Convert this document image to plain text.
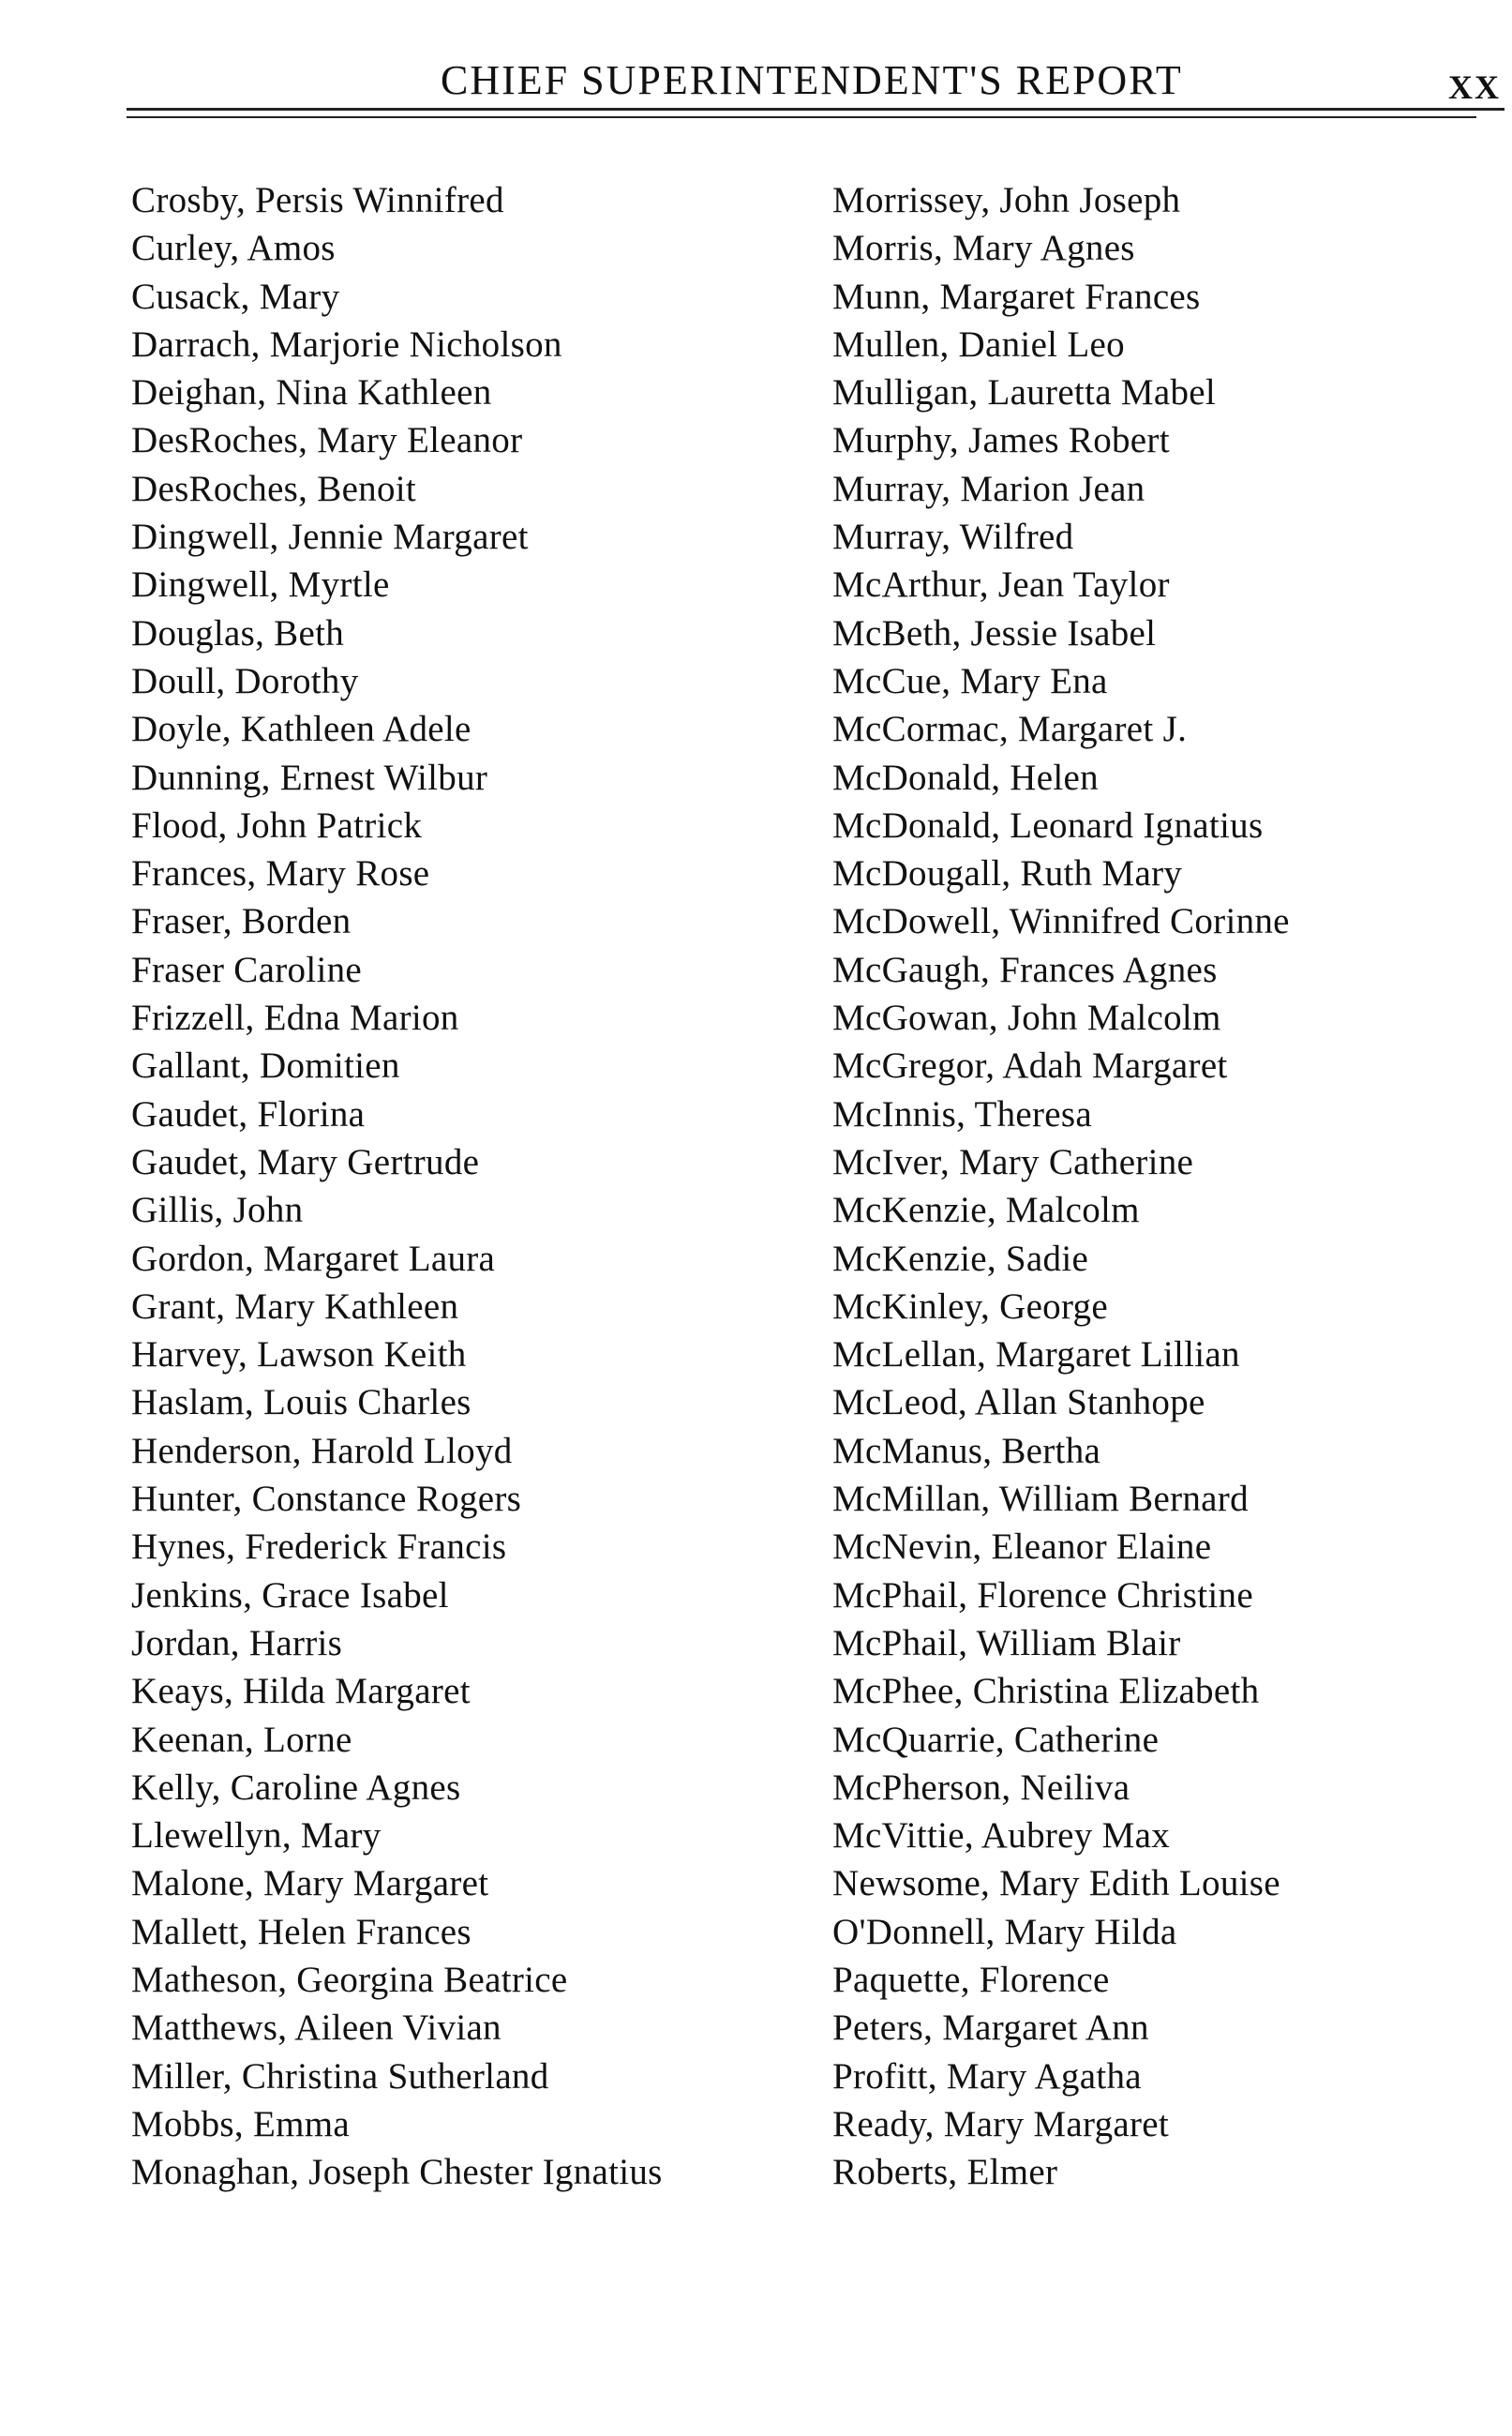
CHIEF SUPERINTENDENT'S REPORT	XX
Crosby, Persis Winnifred
Curley, Amos
Cusack, Mary
Darrach, Marjorie Nicholson
Deighan, Nina Kathleen
DesRoches, Mary Eleanor
DesRoches, Benoit
Dingwell, Jennie Margaret
Dingwell, Myrtle
Douglas, Beth
Doull, Dorothy
Doyle, Kathleen Adele
Dunning, Ernest Wilbur
Flood, John Patrick
Frances, Mary Rose
Fraser, Borden
Fraser Caroline
Frizzell, Edna Marion
Gallant, Domitien
Gaudet, Florina
Gaudet, Mary Gertrude
Gillis, John
Gordon, Margaret Laura
Grant, Mary Kathleen
Harvey, Lawson Keith
Haslam, Louis Charles
Henderson, Harold Lloyd
Hunter, Constance Rogers
Hynes, Frederick Francis
Jenkins, Grace Isabel
Jordan, Harris
Keays, Hilda Margaret
Keenan, Lorne
Kelly, Caroline Agnes
Llewellyn, Mary
Malone, Mary Margaret
Mallett, Helen Frances
Matheson, Georgina Beatrice
Matthews, Aileen Vivian
Miller, Christina Sutherland
Mobbs, Emma
Monaghan, Joseph Chester Ignatius
Morrissey, John Joseph
Morris, Mary Agnes
Munn, Margaret Frances
Mullen, Daniel Leo
Mulligan, Lauretta Mabel
Murphy, James Robert
Murray, Marion Jean
Murray, Wilfred
McArthur, Jean Taylor
McBeth, Jessie Isabel
McCue, Mary Ena
McCormac, Margaret J.
McDonald, Helen
McDonald, Leonard Ignatius
McDougall, Ruth Mary
McDowell, Winnifred Corinne
McGaugh, Frances Agnes
McGowan, John Malcolm
McGregor, Adah Margaret
McInnis, Theresa
McIver, Mary Catherine
McKenzie, Malcolm
McKenzie, Sadie
McKinley, George
McLellan, Margaret Lillian
McLeod, Allan Stanhope
McManus, Bertha
McMillan, William Bernard
McNevin, Eleanor Elaine
McPhail, Florence Christine
McPhail, William Blair
McPhee, Christina Elizabeth
McQuarrie, Catherine
McPherson, Neiliva
McVittie, Aubrey Max
Newsome, Mary Edith Louise
O'Donnell, Mary Hilda
Paquette, Florence
Peters, Margaret Ann
Profitt, Mary Agatha
Ready, Mary Margaret
Roberts, Elmer
